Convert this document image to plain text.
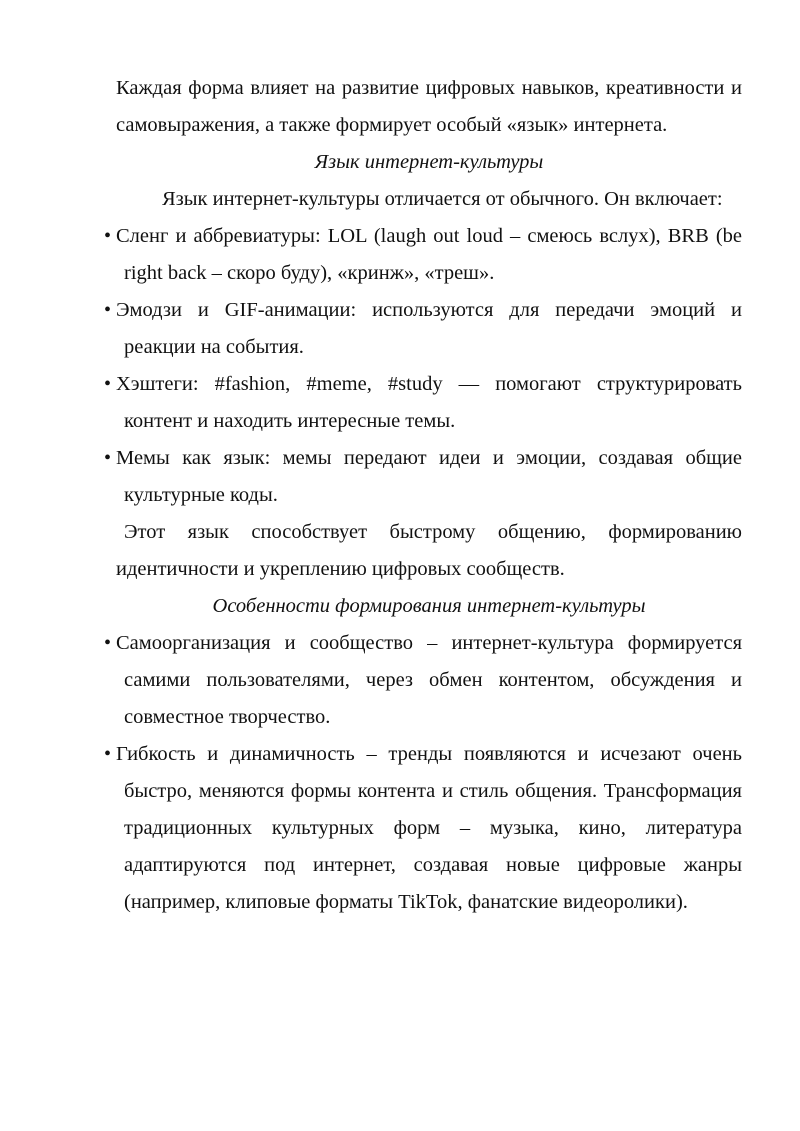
Каждая форма влияет на развитие цифровых навыков, креативности и самовыражения, а также формирует особый «язык» интернета.

Язык интернет-культуры

Язык интернет-культуры отличается от обычного. Он включает:

• Сленг и аббревиатуры: LOL (laugh out loud – смеюсь вслух), BRB (be right back – скоро буду), «кринж», «треш».
• Эмодзи и GIF-анимации: используются для передачи эмоций и реакции на события.
• Хэштеги: #fashion, #meme, #study — помогают структурировать контент и находить интересные темы.
• Мемы как язык: мемы передают идеи и эмоции, создавая общие культурные коды.

Этот язык способствует быстрому общению, формированию идентичности и укреплению цифровых сообществ.

Особенности формирования интернет-культуры

• Самоорганизация и сообщество – интернет-культура формируется самими пользователями, через обмен контентом, обсуждения и совместное творчество.
• Гибкость и динамичность – тренды появляются и исчезают очень быстро, меняются формы контента и стиль общения. Трансформация традиционных культурных форм – музыка, кино, литература адаптируются под интернет, создавая новые цифровые жанры (например, клиповые форматы TikTok, фанатские видеоролики).
